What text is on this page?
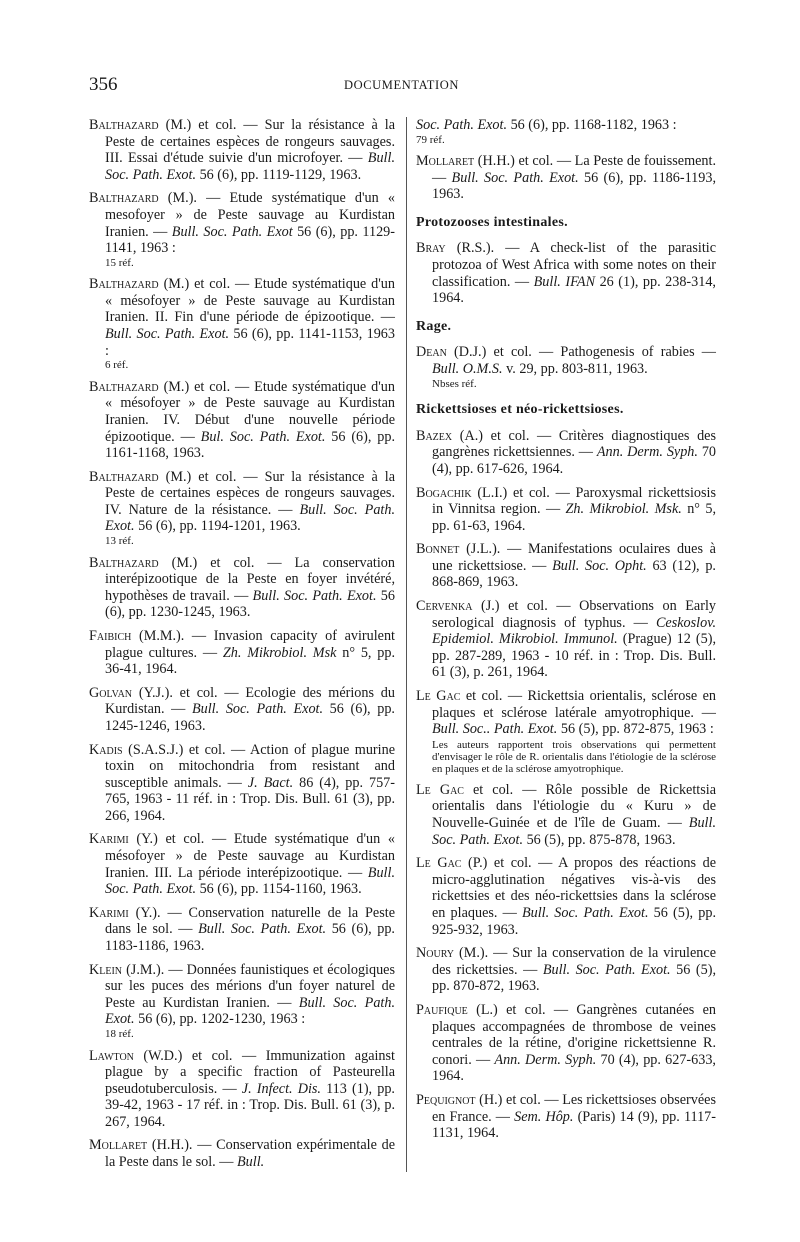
356	DOCUMENTATION
Balthazard (M.) et col. — Sur la résistance à la Peste de certaines espèces de rongeurs sauvages. III. Essai d'étude suivie d'un microfoyer. — Bull. Soc. Path. Exot. 56 (6), pp. 1119-1129, 1963.
Balthazard (M.). — Etude systématique d'un « mesofoyer » de Peste sauvage au Kurdistan Iranien. — Bull. Soc. Path. Exot 56 (6), pp. 1129-1141, 1963 :
15 réf.
Balthazard (M.) et col. — Etude systématique d'un « mésofoyer » de Peste sauvage au Kurdistan Iranien. II. Fin d'une période de épizootique. — Bull. Soc. Path. Exot. 56 (6), pp. 1141-1153, 1963 :
6 réf.
Balthazard (M.) et col. — Etude systématique d'un « mésofoyer » de Peste sauvage au Kurdistan Iranien. IV. Début d'une nouvelle période épizootique. — Bul. Soc. Path. Exot. 56 (6), pp. 1161-1168, 1963.
Balthazard (M.) et col. — Sur la résistance à la Peste de certaines espèces de rongeurs sauvages. IV. Nature de la résistance. — Bull. Soc. Path. Exot. 56 (6), pp. 1194-1201, 1963.
13 réf.
Balthazard (M.) et col. — La conservation interépizootique de la Peste en foyer invétéré, hypothèses de travail. — Bull. Soc. Path. Exot. 56 (6), pp. 1230-1245, 1963.
Faibich (M.M.). — Invasion capacity of avirulent plague cultures. — Zh. Mikrobiol. Msk n° 5, pp. 36-41, 1964.
Golvan (Y.J.). et col. — Ecologie des mérions du Kurdistan. — Bull. Soc. Path. Exot. 56 (6), pp. 1245-1246, 1963.
Kadis (S.A.S.J.) et col. — Action of plague murine toxin on mitochondria from resistant and susceptible animals. — J. Bact. 86 (4), pp. 757-765, 1963 - 11 réf. in : Trop. Dis. Bull. 61 (3), pp. 266, 1964.
Karimi (Y.) et col. — Etude systématique d'un « mésofoyer » de Peste sauvage au Kurdistan Iranien. III. La période interépizootique. — Bull. Soc. Path. Exot. 56 (6), pp. 1154-1160, 1963.
Karimi (Y.). — Conservation naturelle de la Peste dans le sol. — Bull. Soc. Path. Exot. 56 (6), pp. 1183-1186, 1963.
Klein (J.M.). — Données faunistiques et écologiques sur les puces des mérions d'un foyer naturel de Peste au Kurdistan Iranien. — Bull. Soc. Path. Exot. 56 (6), pp. 1202-1230, 1963 :
18 réf.
Lawton (W.D.) et col. — Immunization against plague by a specific fraction of Pasteurella pseudotuberculosis. — J. Infect. Dis. 113 (1), pp. 39-42, 1963 - 17 réf. in : Trop. Dis. Bull. 61 (3), p. 267, 1964.
Mollaret (H.H.). — Conservation expérimentale de la Peste dans le sol. — Bull.
Soc. Path. Exot. 56 (6), pp. 1168-1182, 1963 :
79 réf.
Mollaret (H.H.) et col. — La Peste de fouissement. — Bull. Soc. Path. Exot. 56 (6), pp. 1186-1193, 1963.
Protozooses intestinales.
Bray (R.S.). — A check-list of the parasitic protozoa of West Africa with some notes on their classification. — Bull. IFAN 26 (1), pp. 238-314, 1964.
Rage.
Dean (D.J.) et col. — Pathogenesis of rabies — Bull. O.M.S. v. 29, pp. 803-811, 1963.
Nbses réf.
Rickettsioses et néo-rickettsioses.
Bazex (A.) et col. — Critères diagnostiques des gangrènes rickettsiennes. — Ann. Derm. Syph. 70 (4), pp. 617-626, 1964.
Bogachik (L.I.) et col. — Paroxysmal rickettsiosis in Vinnitsa region. — Zh. Mikrobiol. Msk. n° 5, pp. 61-63, 1964.
Bonnet (J.L.). — Manifestations oculaires dues à une rickettsiose. — Bull. Soc. Opht. 63 (12), p. 868-869, 1963.
Cervenka (J.) et col. — Observations on Early serological diagnosis of typhus. — Ceskoslov. Epidemiol. Mikrobiol. Immunol. (Prague) 12 (5), pp. 287-289, 1963 - 10 réf. in : Trop. Dis. Bull. 61 (3), p. 261, 1964.
Le Gac et col. — Rickettsia orientalis, sclérose en plaques et sclérose latérale amyotrophique. — Bull. Soc.. Path. Exot. 56 (5), pp. 872-875, 1963 :
Les auteurs rapportent trois observations qui permettent d'envisager le rôle de R. orientalis dans l'étiologie de la sclérose en plaques et de la sclérose amyotrophique.
Le Gac et col. — Rôle possible de Rickettsia orientalis dans l'étiologie du « Kuru » de Nouvelle-Guinée et de l'île de Guam. — Bull. Soc. Path. Exot. 56 (5), pp. 875-878, 1963.
Le Gac (P.) et col. — A propos des réactions de micro-agglutination négatives vis-à-vis des rickettsies et des néo-rickettsies dans la sclérose en plaques. — Bull. Soc. Path. Exot. 56 (5), pp. 925-932, 1963.
Noury (M.). — Sur la conservation de la virulence des rickettsies. — Bull. Soc. Path. Exot. 56 (5), pp. 870-872, 1963.
Paufique (L.) et col. — Gangrènes cutanées en plaques accompagnées de thrombose de veines centrales de la rétine, d'origine rickettsienne R. conori. — Ann. Derm. Syph. 70 (4), pp. 627-633, 1964.
Pequignot (H.) et col. — Les rickettsioses observées en France. — Sem. Hôp. (Paris) 14 (9), pp. 1117-1131, 1964.
